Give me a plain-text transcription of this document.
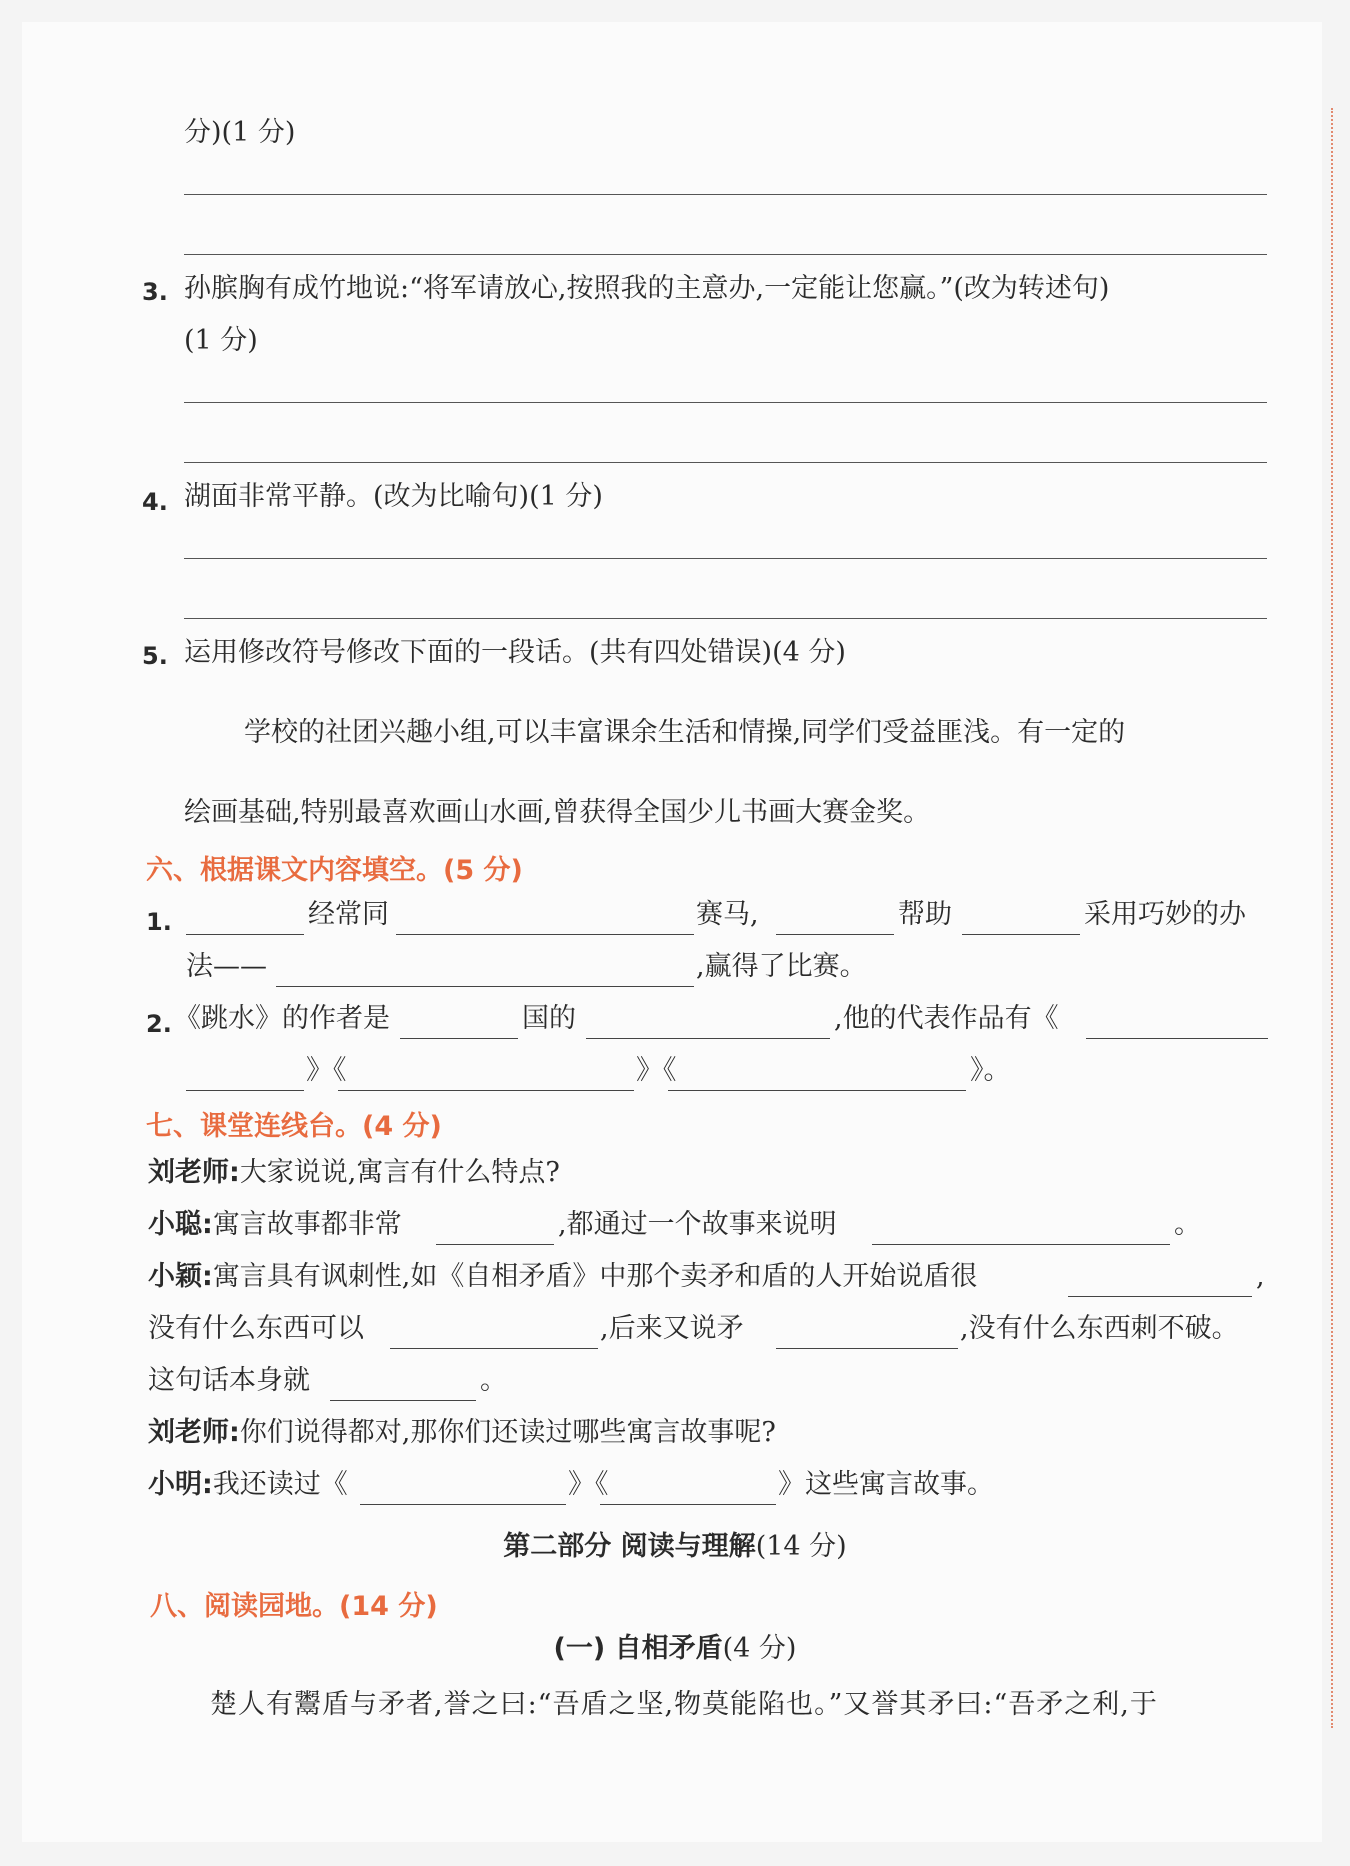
分)(1 分)
3. 孙膑胸有成竹地说:“将军请放心,按照我的主意办,一定能让您赢。”(改为转述句)
(1 分)
4. 湖面非常平静。(改为比喻句)(1 分)
5. 运用修改符号修改下面的一段话。(共有四处错误)(4 分)
学校的社团兴趣小组,可以丰富课余生活和情操,同学们受益匪浅。有一定的
绘画基础,特别最喜欢画山水画,曾获得全国少儿书画大赛金奖。
六、根据课文内容填空。(5 分)
1.	经常同	赛马,	帮助	采用巧妙的办
法——	,赢得了比赛。
2. 《跳水》的作者是	国的	,他的代表作品有《
》《	》《	》。
七、课堂连线台。(4 分)
刘老师:大家说说,寓言有什么特点?
小聪:寓言故事都非常	,都通过一个故事来说明	。
小颖:寓言具有讽刺性,如《自相矛盾》中那个卖矛和盾的人开始说盾很	,
没有什么东西可以	,后来又说矛	,没有什么东西刺不破。
这句话本身就	。
刘老师:你们说得都对,那你们还读过哪些寓言故事呢?
小明:我还读过《	》《	》这些寓言故事。
第二部分 阅读与理解(14 分)
八、阅读园地。(14 分)
(一) 自相矛盾(4 分)
楚人有鬻盾与矛者,誉之曰:“吾盾之坚,物莫能陷也。”又誉其矛曰:“吾矛之利,于
